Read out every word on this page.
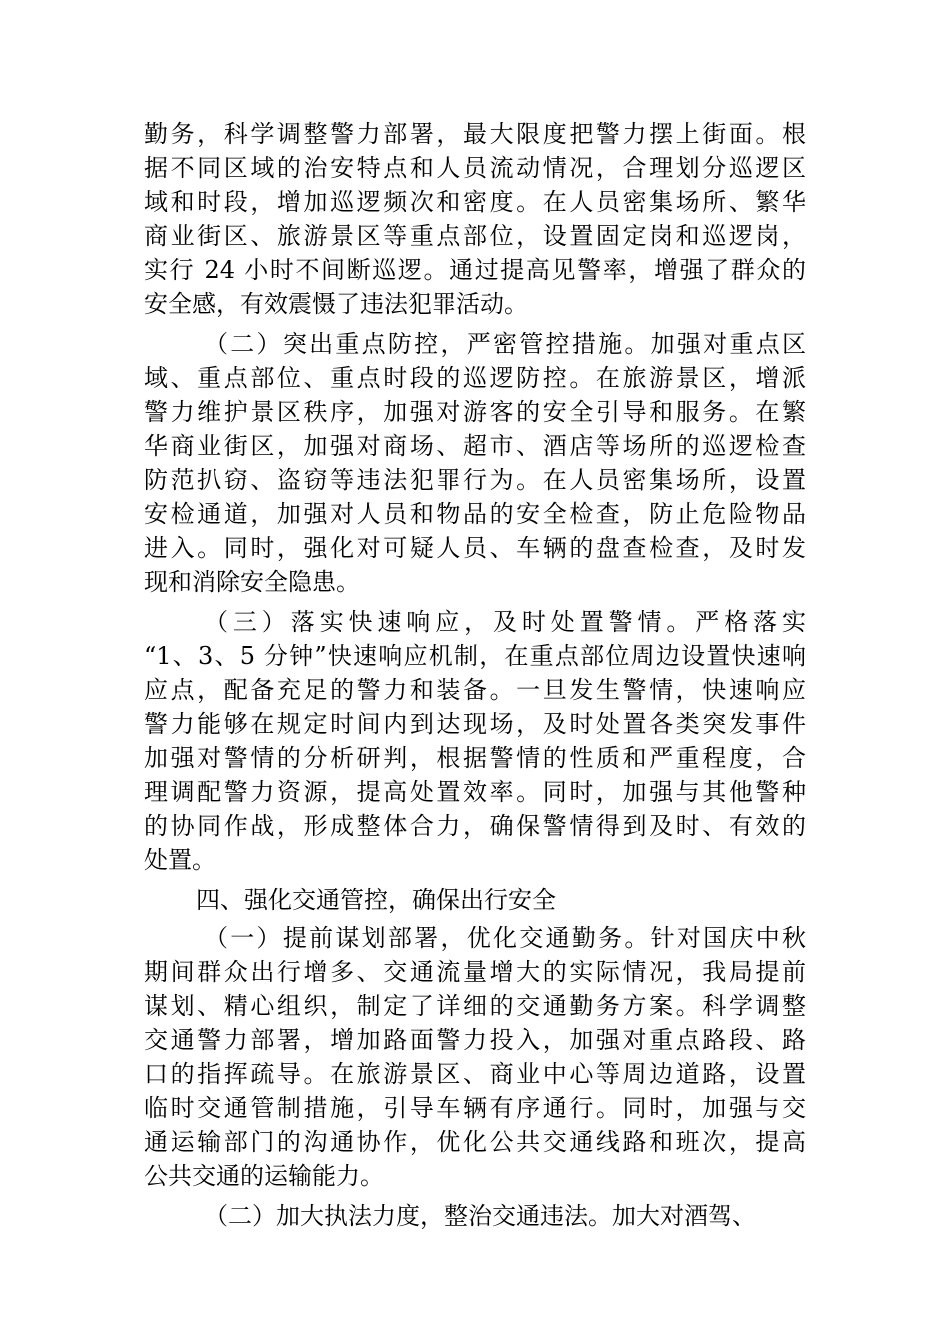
勤务，科学调整警力部署，最大限度把警力摆上街面。根
据不同区域的治安特点和人员流动情况，合理划分巡逻区
域和时段，增加巡逻频次和密度。在人员密集场所、繁华
商业街区、旅游景区等重点部位，设置固定岗和巡逻岗，
实行 24 小时不间断巡逻。通过提高见警率，增强了群众的
安全感，有效震慑了违法犯罪活动。
（二）突出重点防控，严密管控措施。加强对重点区
域、重点部位、重点时段的巡逻防控。在旅游景区，增派
警力维护景区秩序，加强对游客的安全引导和服务。在繁
华商业街区，加强对商场、超市、酒店等场所的巡逻检查
防范扒窃、盗窃等违法犯罪行为。在人员密集场所，设置
安检通道，加强对人员和物品的安全检查，防止危险物品
进入。同时，强化对可疑人员、车辆的盘查检查，及时发
现和消除安全隐患。
（三）落实快速响应，及时处置警情。严格落实
“1、3、5 分钟”快速响应机制，在重点部位周边设置快速响
应点，配备充足的警力和装备。一旦发生警情，快速响应
警力能够在规定时间内到达现场，及时处置各类突发事件
加强对警情的分析研判，根据警情的性质和严重程度，合
理调配警力资源，提高处置效率。同时，加强与其他警种
的协同作战，形成整体合力，确保警情得到及时、有效的
处置。
四、强化交通管控，确保出行安全
（一）提前谋划部署，优化交通勤务。针对国庆中秋
期间群众出行增多、交通流量增大的实际情况，我局提前
谋划、精心组织，制定了详细的交通勤务方案。科学调整
交通警力部署，增加路面警力投入，加强对重点路段、路
口的指挥疏导。在旅游景区、商业中心等周边道路，设置
临时交通管制措施，引导车辆有序通行。同时，加强与交
通运输部门的沟通协作，优化公共交通线路和班次，提高
公共交通的运输能力。
（二）加大执法力度，整治交通违法。加大对酒驾、
